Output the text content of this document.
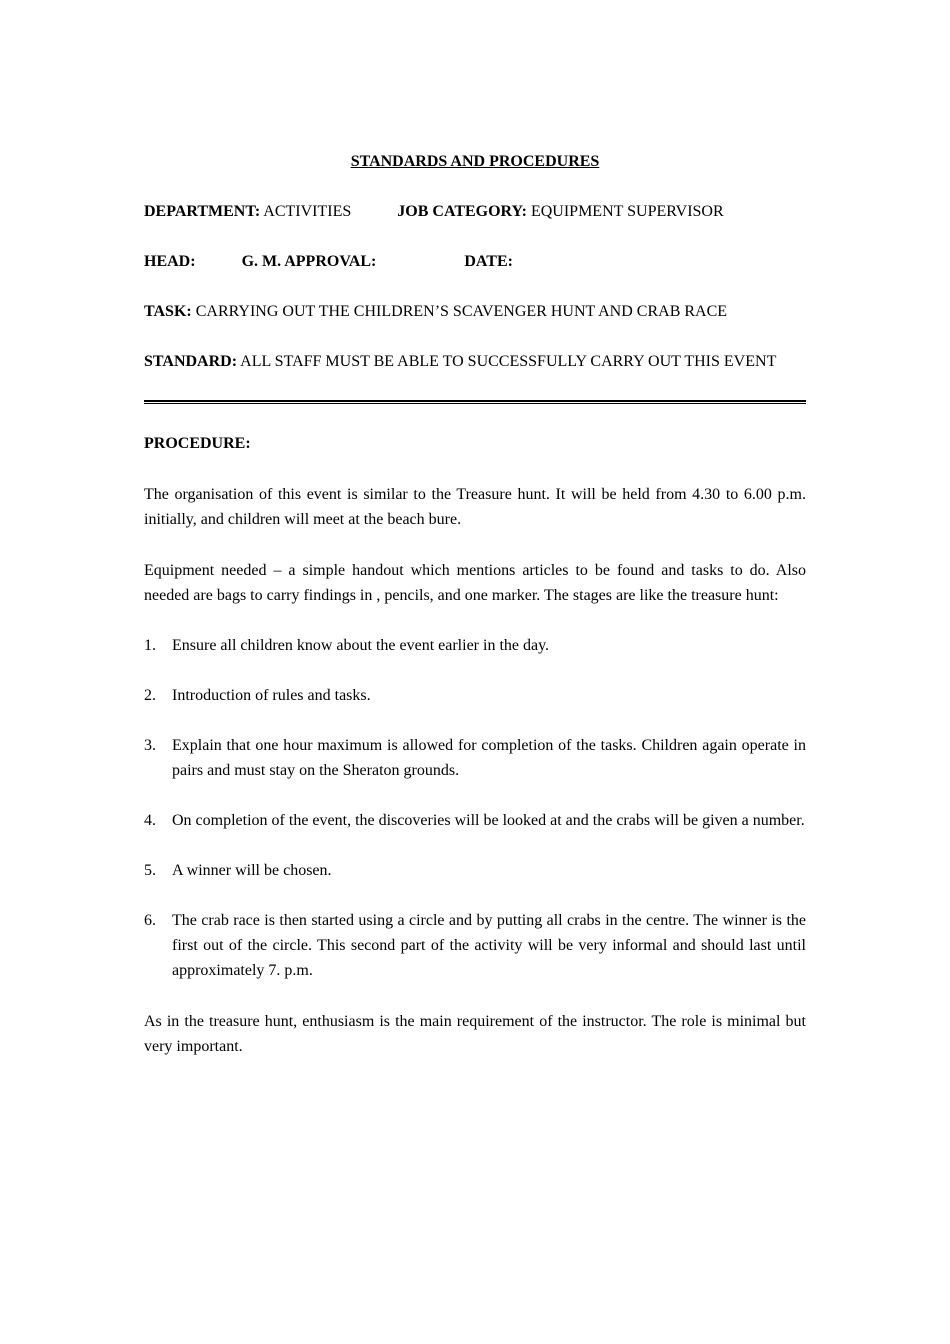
STANDARDS AND PROCEDURES
DEPARTMENT: ACTIVITIES	JOB CATEGORY: EQUIPMENT SUPERVISOR
HEAD:	G. M. APPROVAL:	DATE:
TASK: CARRYING OUT THE CHILDREN’S SCAVENGER HUNT AND CRAB RACE
STANDARD: ALL STAFF MUST BE ABLE TO SUCCESSFULLY CARRY OUT THIS EVENT
PROCEDURE:

The organisation of this event is similar to the Treasure hunt. It will be held from 4.30 to 6.00 p.m. initially, and children will meet at the beach bure.

Equipment needed – a simple handout which mentions articles to be found and tasks to do. Also needed are bags to carry findings in , pencils, and one marker. The stages are like the treasure hunt:

1. Ensure all children know about the event earlier in the day.
2. Introduction of rules and tasks.
3. Explain that one hour maximum is allowed for completion of the tasks. Children again operate in pairs and must stay on the Sheraton grounds.
4. On completion of the event, the discoveries will be looked at and the crabs will be given a number.
5. A winner will be chosen.
6. The crab race is then started using a circle and by putting all crabs in the centre. The winner is the first out of the circle. This second part of the activity will be very informal and should last until approximately 7. p.m.

As in the treasure hunt, enthusiasm is the main requirement of the instructor. The role is minimal but very important.
